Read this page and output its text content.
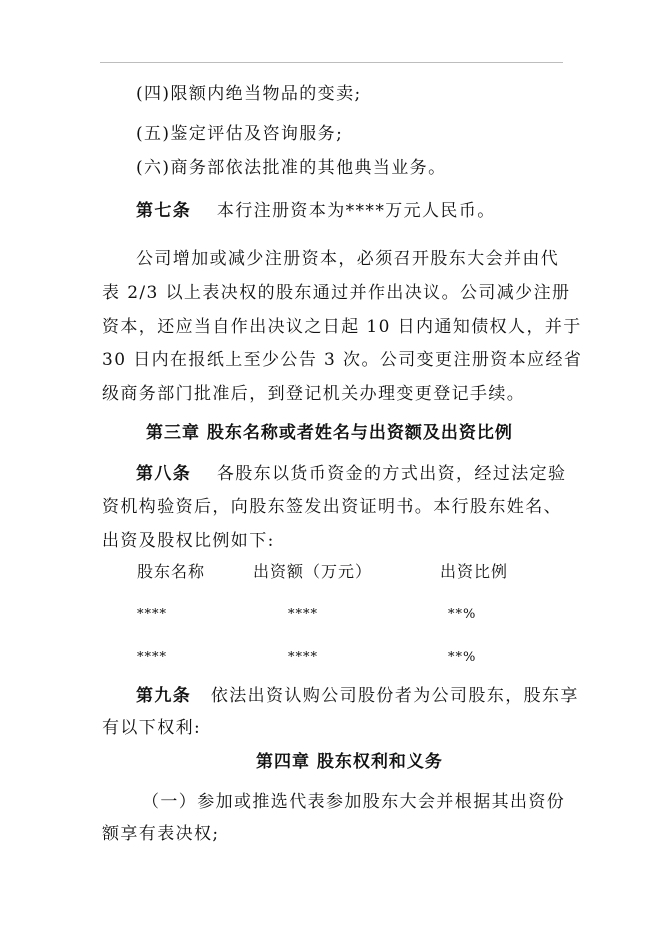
(四)限额内绝当物品的变卖;
(五)鉴定评估及咨询服务;
(六)商务部依法批准的其他典当业务。
第七条 本行注册资本为****万元人民币。
公司增加或减少注册资本，必须召开股东大会并由代
表 2/3 以上表决权的股东通过并作出决议。公司减少注册
资本，还应当自作出决议之日起 10 日内通知债权人，并于
30 日内在报纸上至少公告 3 次。公司变更注册资本应经省
级商务部门批准后，到登记机关办理变更登记手续。
第三章 股东名称或者姓名与出资额及出资比例
第八条 各股东以货币资金的方式出资，经过法定验
资机构验资后，向股东签发出资证明书。本行股东姓名、
出资及股权比例如下:
股东名称	出资额（万元）	出资比例
****	****	**%
****	****	**%
第九条 依法出资认购公司股份者为公司股东，股东享
有以下权利:
第四章 股东权利和义务
（一）参加或推选代表参加股东大会并根据其出资份
额享有表决权;
